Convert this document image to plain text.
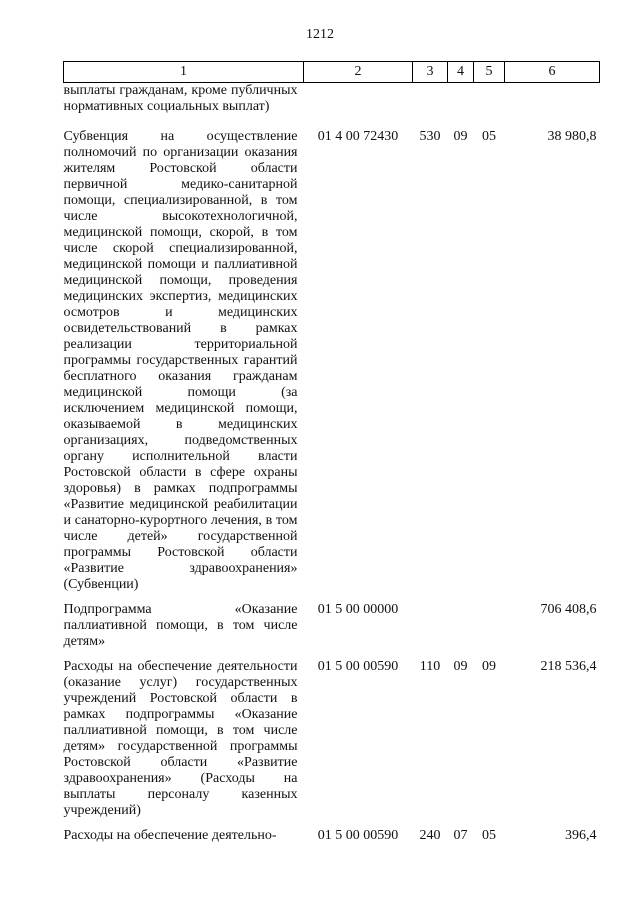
1212
1	2	3	4	5	6
выплаты гражданам, кроме публичных нормативных социальных выплат)					
Субвенция на осуществление полномочий по организации оказания жителям Ростовской области первичной медико-санитарной помощи, специализированной, в том числе высокотехнологичной, медицинской помощи, скорой, в том числе скорой специализированной, медицинской помощи и паллиативной медицинской помощи, проведения медицинских экспертиз, медицинских осмотров и медицинских освидетельствований в рамках реализации территориальной программы государственных гарантий бесплатного оказания гражданам медицинской помощи (за исключением медицинской помощи, оказываемой в медицинских организациях, подведомственных органу исполнительной власти Ростовской области в сфере охраны здоровья) в рамках подпрограммы «Развитие медицинской реабилитации и санаторно-курортного лечения, в том числе детей» государственной программы Ростовской области «Развитие здравоохранения» (Субвенции)	01 4 00 72430	530	09	05	38 980,8
Подпрограмма «Оказание паллиативной помощи, в том числе детям»	01 5 00 00000				706 408,6
Расходы на обеспечение деятельности (оказание услуг) государственных учреждений Ростовской области в рамках подпрограммы «Оказание паллиативной помощи, в том числе детям» государственной программы Ростовской области «Развитие здравоохранения» (Расходы на выплаты персоналу казенных учреждений)	01 5 00 00590	110	09	09	218 536,4
Расходы на обеспечение деятельно-	01 5 00 00590	240	07	05	396,4
